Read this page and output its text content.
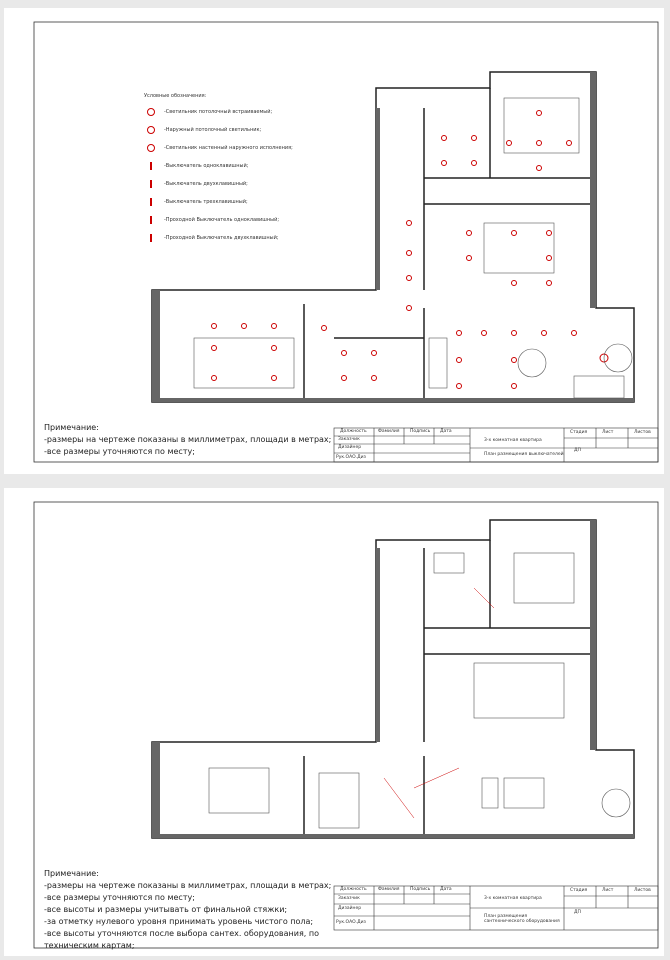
Условные обозначения:
-Светильник потолочный встраиваемый;
-Наружный потолочный светильник;
-Светильник настенный наружного исполнения;
-Выключатель одноклавишный;
-Выключатель двухклавишный;
-Выключатель трехклавишный;
-Проходной Выключатель одноклавишный;
-Проходной Выключатель двухклавишный;
Примечание:
-размеры на чертеже показаны в миллиметрах, площади в метрах;
-все размеры уточняются по месту;
Должность	Фамилия Подпись Дата
Заказчик
Дизайнер
Рук.ОАО.Диз
3-х комнатная квартира
План размещения выключателей
Стадия	Лист	Листов
ДП
Примечание:
-размеры на чертеже показаны в миллиметрах, площади в метрах;
-все размеры уточняются по месту;
-все высоты и размеры учитывать от финальной стяжки;
-за отметку нулевого уровня принимать уровень чистого пола;
-все высоты уточняются после выбора сантех. оборудования, по
техническим картам;
Должность	Фамилия Подпись Дата
Заказчик
Дизайнер
Рук.ОАО.Диз
3-х комнатная квартира
План размещения сантехнического оборудования
Стадия	Лист	Листов
ДП
